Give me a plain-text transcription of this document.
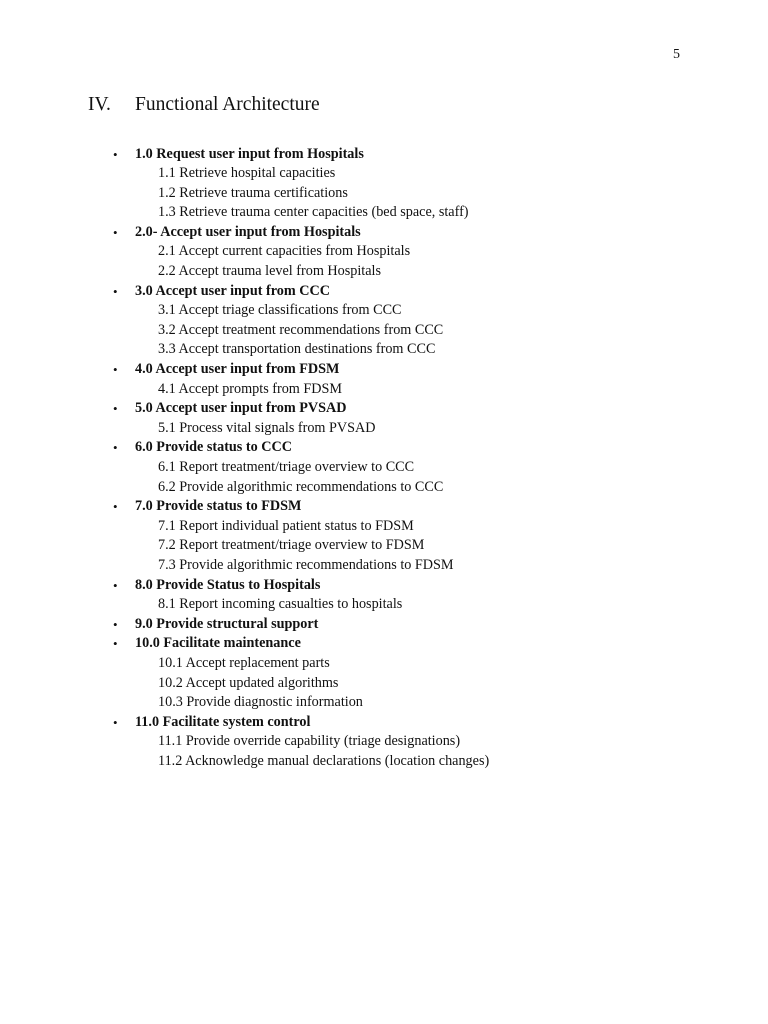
5
IV. Functional Architecture
• 1.0 Request user input from Hospitals
1.1 Retrieve hospital capacities
1.2 Retrieve trauma certifications
1.3 Retrieve trauma center capacities (bed space, staff)
• 2.0- Accept user input from Hospitals
2.1 Accept current capacities from Hospitals
2.2 Accept trauma level from Hospitals
• 3.0 Accept user input from CCC
3.1 Accept triage classifications from CCC
3.2 Accept treatment recommendations from CCC
3.3 Accept transportation destinations from CCC
• 4.0 Accept user input from FDSM
4.1 Accept prompts from FDSM
• 5.0 Accept user input from PVSAD
5.1 Process vital signals from PVSAD
• 6.0 Provide status to CCC
6.1 Report treatment/triage overview to CCC
6.2 Provide algorithmic recommendations to CCC
• 7.0 Provide status to FDSM
7.1 Report individual patient status to FDSM
7.2 Report treatment/triage overview to FDSM
7.3 Provide algorithmic recommendations to FDSM
• 8.0 Provide Status to Hospitals
8.1 Report incoming casualties to hospitals
• 9.0 Provide structural support
• 10.0 Facilitate maintenance
10.1 Accept replacement parts
10.2 Accept updated algorithms
10.3 Provide diagnostic information
• 11.0 Facilitate system control
11.1 Provide override capability (triage designations)
11.2 Acknowledge manual declarations (location changes)
